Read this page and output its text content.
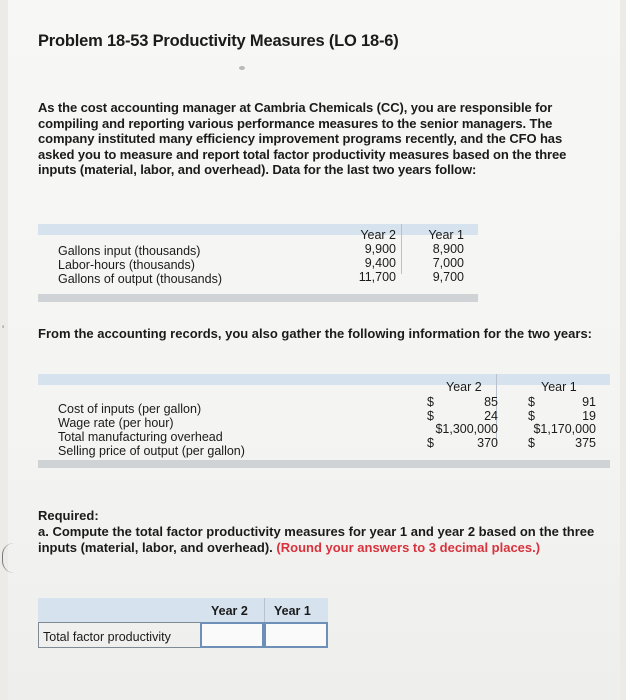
Problem 18-53 Productivity Measures (LO 18-6)
As the cost accounting manager at Cambria Chemicals (CC), you are responsible for compiling and reporting various performance measures to the senior managers. The company instituted many efficiency improvement programs recently, and the CFO has asked you to measure and report total factor productivity measures based on the three inputs (material, labor, and overhead). Data for the last two years follow:
Gallons input (thousands)
Labor-hours (thousands)
Gallons of output (thousands)
Year 2
9,900
9,400
11,700
Year 1
8,900
7,000
9,700
'	From the accounting records, you also gather the following information for the two years:
Cost of inputs (per gallon)
Wage rate (per hour)
Total manufacturing overhead
Selling price of output (per gallon)
Year 2	Year 1
$
$

$
85
24
$1,300,000
370
$
$

$
91
19
$1,170,000
375
Required:
a. Compute the total factor productivity measures for year 1 and year 2 based on the three inputs (material, labor, and overhead). (Round your answers to 3 decimal places.)
Year 2 Year 1
Total factor productivity
